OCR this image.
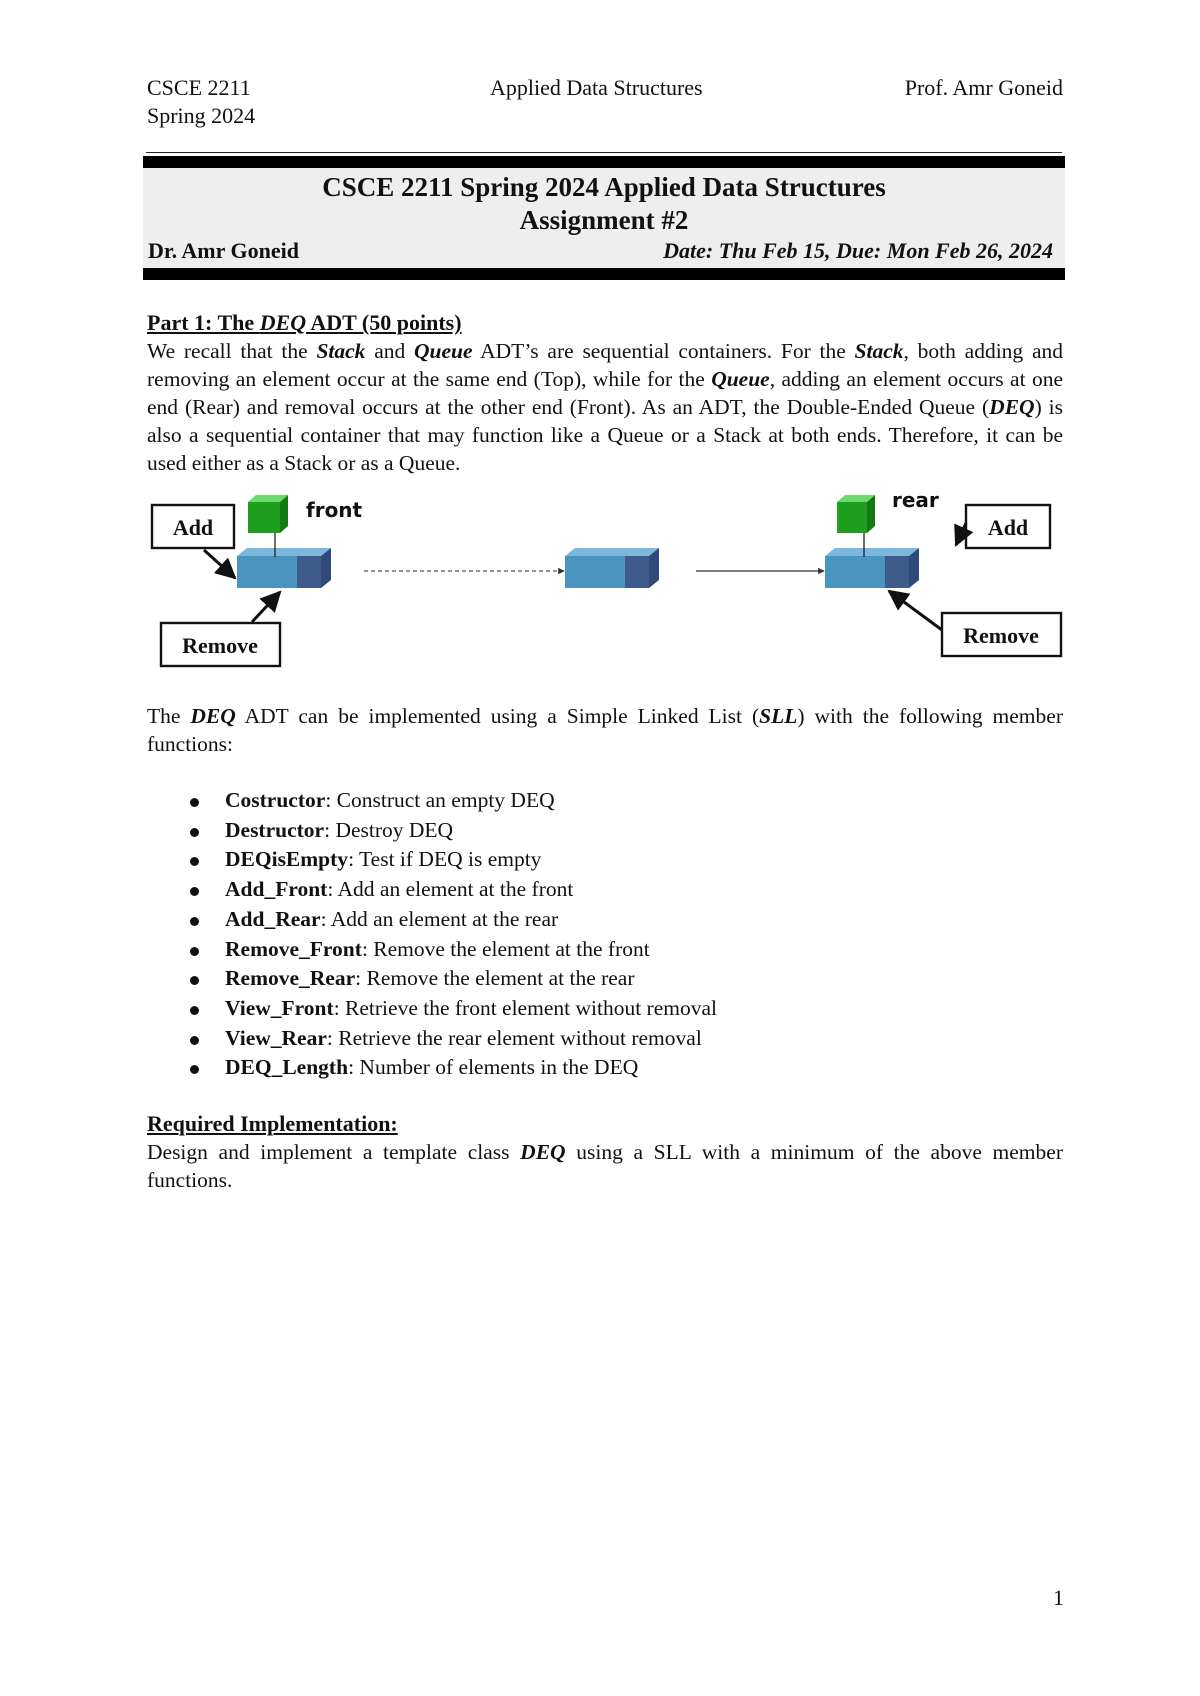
CSCE 2211	Applied Data Structures	Prof. Amr Goneid
Spring 2024
CSCE 2211 Spring 2024 Applied Data Structures
Assignment #2
Dr. Amr Goneid	Date: Thu Feb 15, Due: Mon Feb 26, 2024
Part 1: The DEQ ADT (50 points)
We recall that the Stack and Queue ADT’s are sequential containers. For the Stack, both adding and removing an element occur at the same end (Top), while for the Queue, adding an element occurs at one end (Rear) and removal occurs at the other end (Front). As an ADT, the Double-Ended Queue (DEQ) is also a sequential container that may function like a Queue or a Stack at both ends. Therefore, it can be used either as a Stack or as a Queue.
front	rear
Add
Remove
Add
Remove
The DEQ ADT can be implemented using a Simple Linked List (SLL) with the following member functions:
Costructor: Construct an empty DEQ
Destructor: Destroy DEQ
DEQisEmpty: Test if DEQ is empty
Add_Front: Add an element at the front
Add_Rear: Add an element at the rear
Remove_Front: Remove the element at the front
Remove_Rear: Remove the element at the rear
View_Front: Retrieve the front element without removal
View_Rear: Retrieve the rear element without removal
DEQ_Length: Number of elements in the DEQ
Required Implementation:
Design and implement a template class DEQ using a SLL with a minimum of the above member functions.
1
